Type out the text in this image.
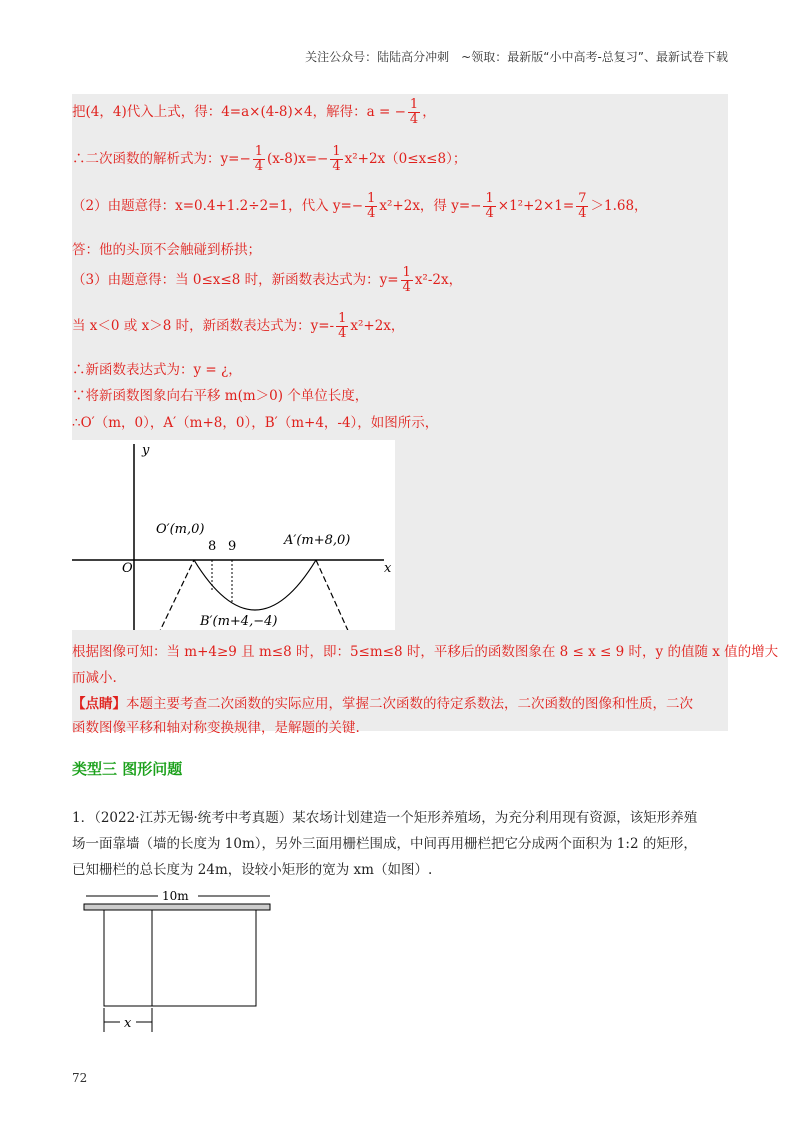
关注公众号：陆陆高分冲刺　~领取：最新版“小中高考-总复习”、最新试卷下载
把(4，4)代入上式，得：4=a×(4-8)×4，解得：a = − $\frac{1}{4}$ ，
∴二次函数的解析式为：$y=- \frac{1}{4} (x-8)x=- \frac{1}{4} x^2+2x(0\le x\le 8)$；
（2）由题意得：x=0.4+1.2÷2=1，代入 $y=- \frac{1}{4} x^2+2x$，得 $y=- \frac{1}{4} \times 1^2+2\times 1= \frac{7}{4} >1.68$，
答：他的头顶不会触碰到桥拱；
（3）由题意得：当 0≤x≤8 时，新函数表达式为：$y= \frac{1}{4} x^2-2x$，
当 x＜0 或 x＞8 时，新函数表达式为：$y=- \frac{1}{4} x^2+2x$，
∴新函数表达式为：y = ¿，
∵将新函数图象向右平移 m(m＞0) 个单位长度，
∴O′（m，0），A′（m+8，0），B′（m+4，-4），如图所示，
y
x
O
8 9
O′(m,0)
A′(m+8,0)
B′(m+4,−4)
根据图像可知：当 m+4≥9 且 m≤8 时，即：5≤m≤8 时，平移后的函数图象在 8 ≤ x ≤ 9 时，y 的值随 x 值的增大
而减小.
【点睛】本题主要考查二次函数的实际应用，掌握二次函数的待定系数法，二次函数的图像和性质，二次
函数图像平移和轴对称变换规律，是解题的关键.
类型三 图形问题
1．（2022·江苏无锡·统考中考真题）某农场计划建造一个矩形养殖场，为充分利用现有资源，该矩形养殖
场一面靠墙（墙的长度为 10m），另外三面用栅栏围成，中间再用栅栏把它分成两个面积为 1:2 的矩形，
已知栅栏的总长度为 24m，设较小矩形的宽为 xm（如图）.
10m
x
72
